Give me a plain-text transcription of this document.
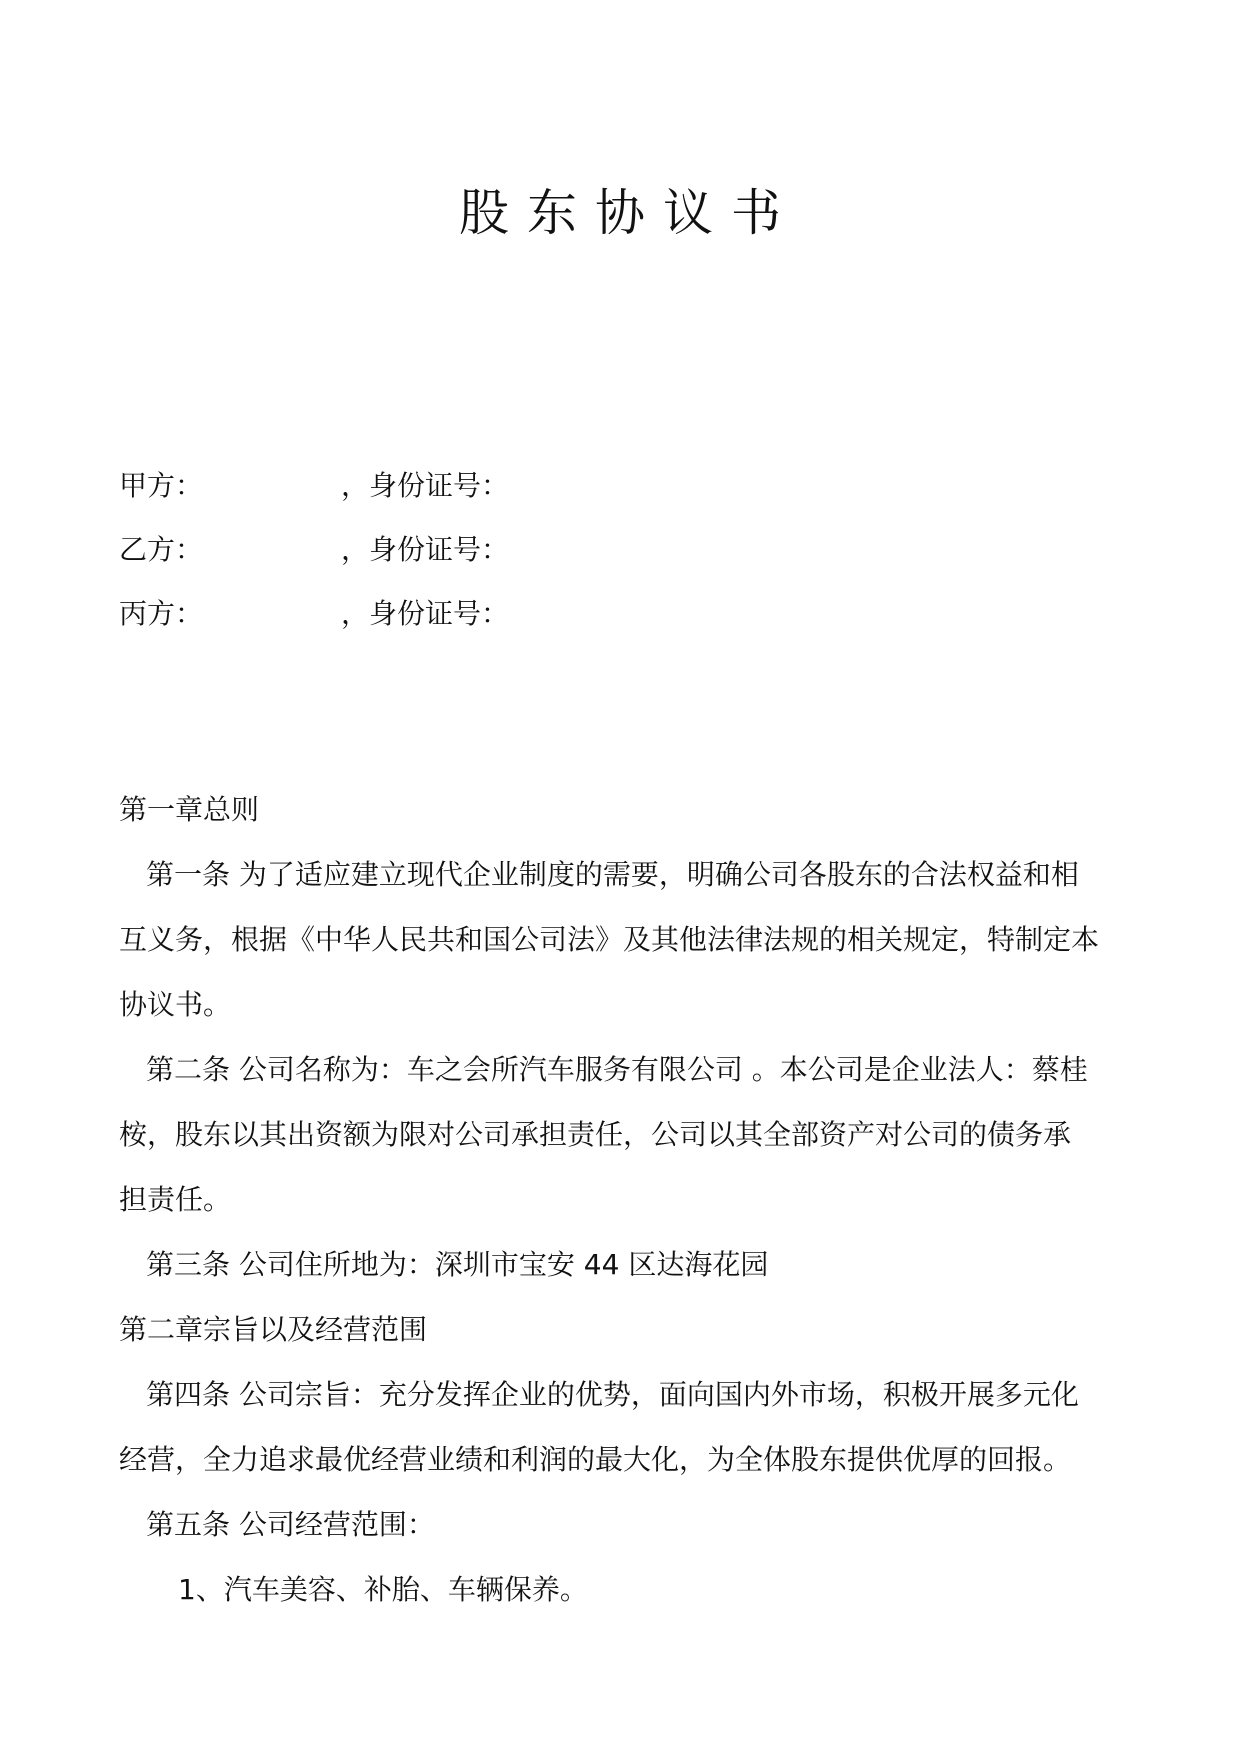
股东协议书
甲方：	，身份证号：
乙方：	，身份证号：
丙方：	，身份证号：
第一章总则
第一条 为了适应建立现代企业制度的需要，明确公司各股东的合法权益和相
互义务，根据《中华人民共和国公司法》及其他法律法规的相关规定，特制定本
协议书。
第二条 公司名称为：车之会所汽车服务有限公司 。本公司是企业法人：蔡桂
桉，股东以其出资额为限对公司承担责任，公司以其全部资产对公司的债务承
担责任。
第三条 公司住所地为：深圳市宝安 44 区达海花园
第二章宗旨以及经营范围
第四条 公司宗旨：充分发挥企业的优势，面向国内外市场，积极开展多元化
经营，全力追求最优经营业绩和利润的最大化，为全体股东提供优厚的回报。
第五条 公司经营范围：
1、汽车美容、补胎、车辆保养。
